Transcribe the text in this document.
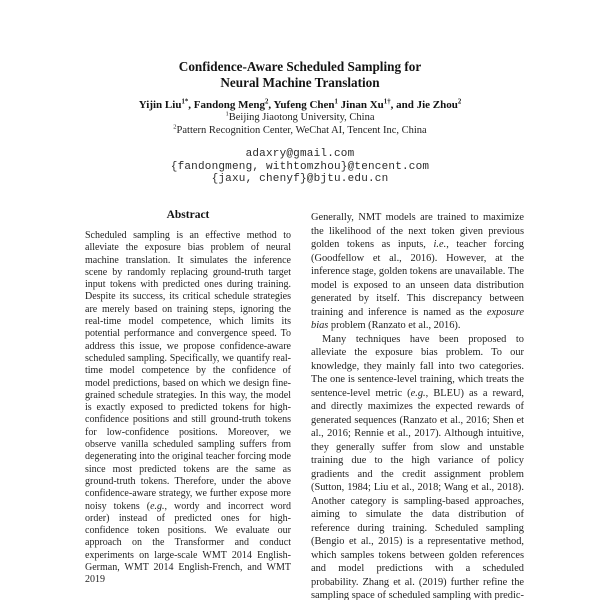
Confidence-Aware Scheduled Sampling for
Neural Machine Translation
Yijin Liu$^{1*}$, Fandong Meng$^2$, Yufeng Chen$^1$ Jinan $Xu^{1\dagger}$, and Jie Zhou$^2$
$^1$Beijing Jiaotong University, China
$^2$Pattern Recognition Center, WeChat AI, Tencent Inc, China
adaxry@gmail.com
{fandongmeng, withtomzhou}@tencent.com
{jaxu, chenyf}@bjtu.edu.cn
Abstract

Scheduled sampling is an effective method to alleviate the exposure bias problem of neural machine translation. It simulates the inference scene by randomly replacing ground-truth target input tokens with predicted ones during training. Despite its success, its critical schedule strategies are merely based on training steps, ignoring the real-time model competence, which limits its potential performance and convergence speed. To address this issue, we propose confidence-aware scheduled sampling. Specifically, we quantify real-time model competence by the confidence of model predictions, based on which we design fine-grained schedule strategies. In this way, the model is exactly exposed to predicted tokens for high-confidence positions and still ground-truth tokens for low-confidence positions. Moreover, we observe vanilla scheduled sampling suffers from degenerating into the original teacher forcing mode since most predicted tokens are the same as ground-truth tokens. Therefore, under the above confidence-aware strategy, we further expose more noisy tokens (e.g., wordy and incorrect word order) instead of predicted ones for high-confidence token positions. We evaluate our approach on the Transformer and conduct experiments on large-scale WMT 2014 English-German, WMT 2014 English-French, and WMT 2019

Generally, NMT models are trained to maximize the likelihood of the next token given previous golden tokens as inputs, i.e., teacher forcing (Goodfellow et al., 2016). However, at the inference stage, golden tokens are unavailable. The model is exposed to an unseen data distribution generated by itself. This discrepancy between training and inference is named as the exposure bias problem (Ranzato et al., 2016).

Many techniques have been proposed to alleviate the exposure bias problem. To our knowledge, they mainly fall into two categories. The one is sentence-level training, which treats the sentence-level metric (e.g., BLEU) as a reward, and directly maximizes the expected rewards of generated sequences (Ranzato et al., 2016; Shen et al., 2016; Rennie et al., 2017). Although intuitive, they generally suffer from slow and unstable training due to the high variance of policy gradients and the credit assignment problem (Sutton, 1984; Liu et al., 2018; Wang et al., 2018). Another category is sampling-based approaches, aiming to simulate the data distribution of reference during training. Scheduled sampling (Bengio et al., 2015) is a representative method, which samples tokens between golden references and model predictions with a scheduled probability. Zhang et al. (2019) further refine the sampling space of scheduled sampling with predic-
